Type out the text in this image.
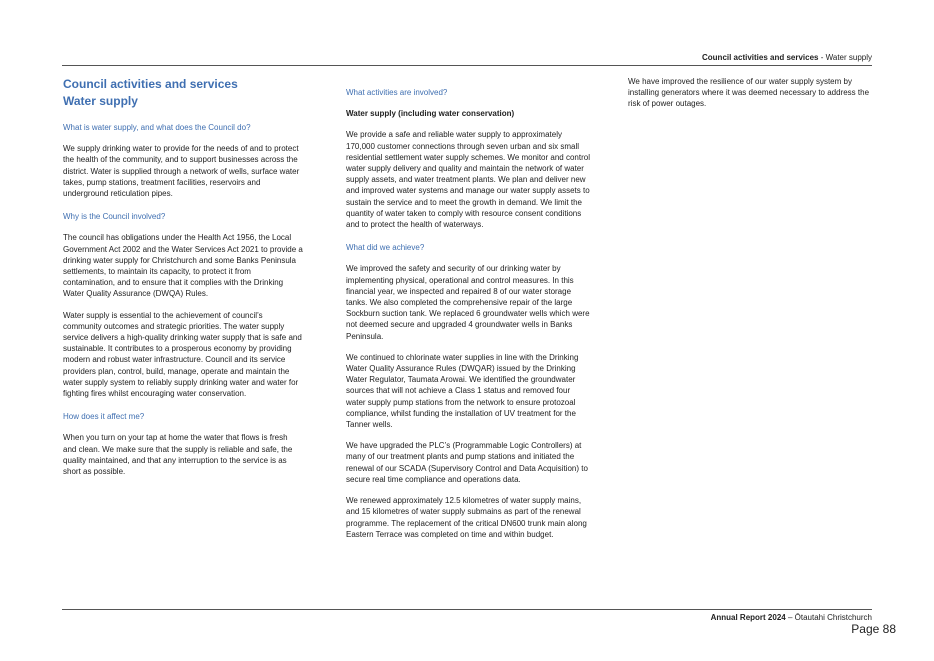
Council activities and services - Water supply
Council activities and services
Water supply
What is water supply, and what does the Council do?

We supply drinking water to provide for the needs of and to protect the health of the community, and to support businesses across the district. Water is supplied through a network of wells, surface water takes, pump stations, treatment facilities, reservoirs and underground reticulation pipes.

Why is the Council involved?

The council has obligations under the Health Act 1956, the Local Government Act 2002 and the Water Services Act 2021 to provide a drinking water supply for Christchurch and some Banks Peninsula settlements, to maintain its capacity, to protect it from contamination, and to ensure that it complies with the Drinking Water Quality Assurance (DWQA) Rules.

Water supply is essential to the achievement of council’s community outcomes and strategic priorities. The water supply service delivers a high-quality drinking water supply that is safe and sustainable. It contributes to a prosperous economy by providing modern and robust water infrastructure. Council and its service providers plan, control, build, manage, operate and maintain the water supply system to reliably supply drinking water and water for fighting fires whilst encouraging water conservation.

How does it affect me?

When you turn on your tap at home the water that flows is fresh and clean. We make sure that the supply is reliable and safe, the quality maintained, and that any interruption to the service is as short as possible.

What activities are involved?
Water supply (including water conservation)

We provide a safe and reliable water supply to approximately 170,000 customer connections through seven urban and six small residential settlement water supply schemes. We monitor and control water supply delivery and quality and maintain the network of water supply assets, and water treatment plants. We plan and deliver new and improved water systems and manage our water supply assets to sustain the service and to meet the growth in demand. We limit the quantity of water taken to comply with resource consent conditions and to protect the health of waterways.

What did we achieve?

We improved the safety and security of our drinking water by implementing physical, operational and control measures. In this financial year, we inspected and repaired 8 of our water storage tanks. We also completed the comprehensive repair of the large Sockburn suction tank. We replaced 6 groundwater wells which were not deemed secure and upgraded 4 groundwater wells in Banks Peninsula.

We continued to chlorinate water supplies in line with the Drinking Water Quality Assurance Rules (DWQAR) issued by the Drinking Water Regulator, Taumata Arowai. We identified the groundwater sources that will not achieve a Class 1 status and removed four water supply pump stations from the network to ensure protozoal compliance, whilst funding the installation of UV treatment for the Tanner wells.

We have upgraded the PLC’s (Programmable Logic Controllers) at many of our treatment plants and pump stations and initiated the renewal of our SCADA (Supervisory Control and Data Acquisition) to secure real time compliance and operations data.

We renewed approximately 12.5 kilometres of water supply mains, and 15 kilometres of water supply submains as part of the renewal programme. The replacement of the critical DN600 trunk main along Eastern Terrace was completed on time and within budget.

We have improved the resilience of our water supply system by installing generators where it was deemed necessary to address the risk of power outages.

Annual Report 2024 – Ōtautahi Christchurch
Page 88
